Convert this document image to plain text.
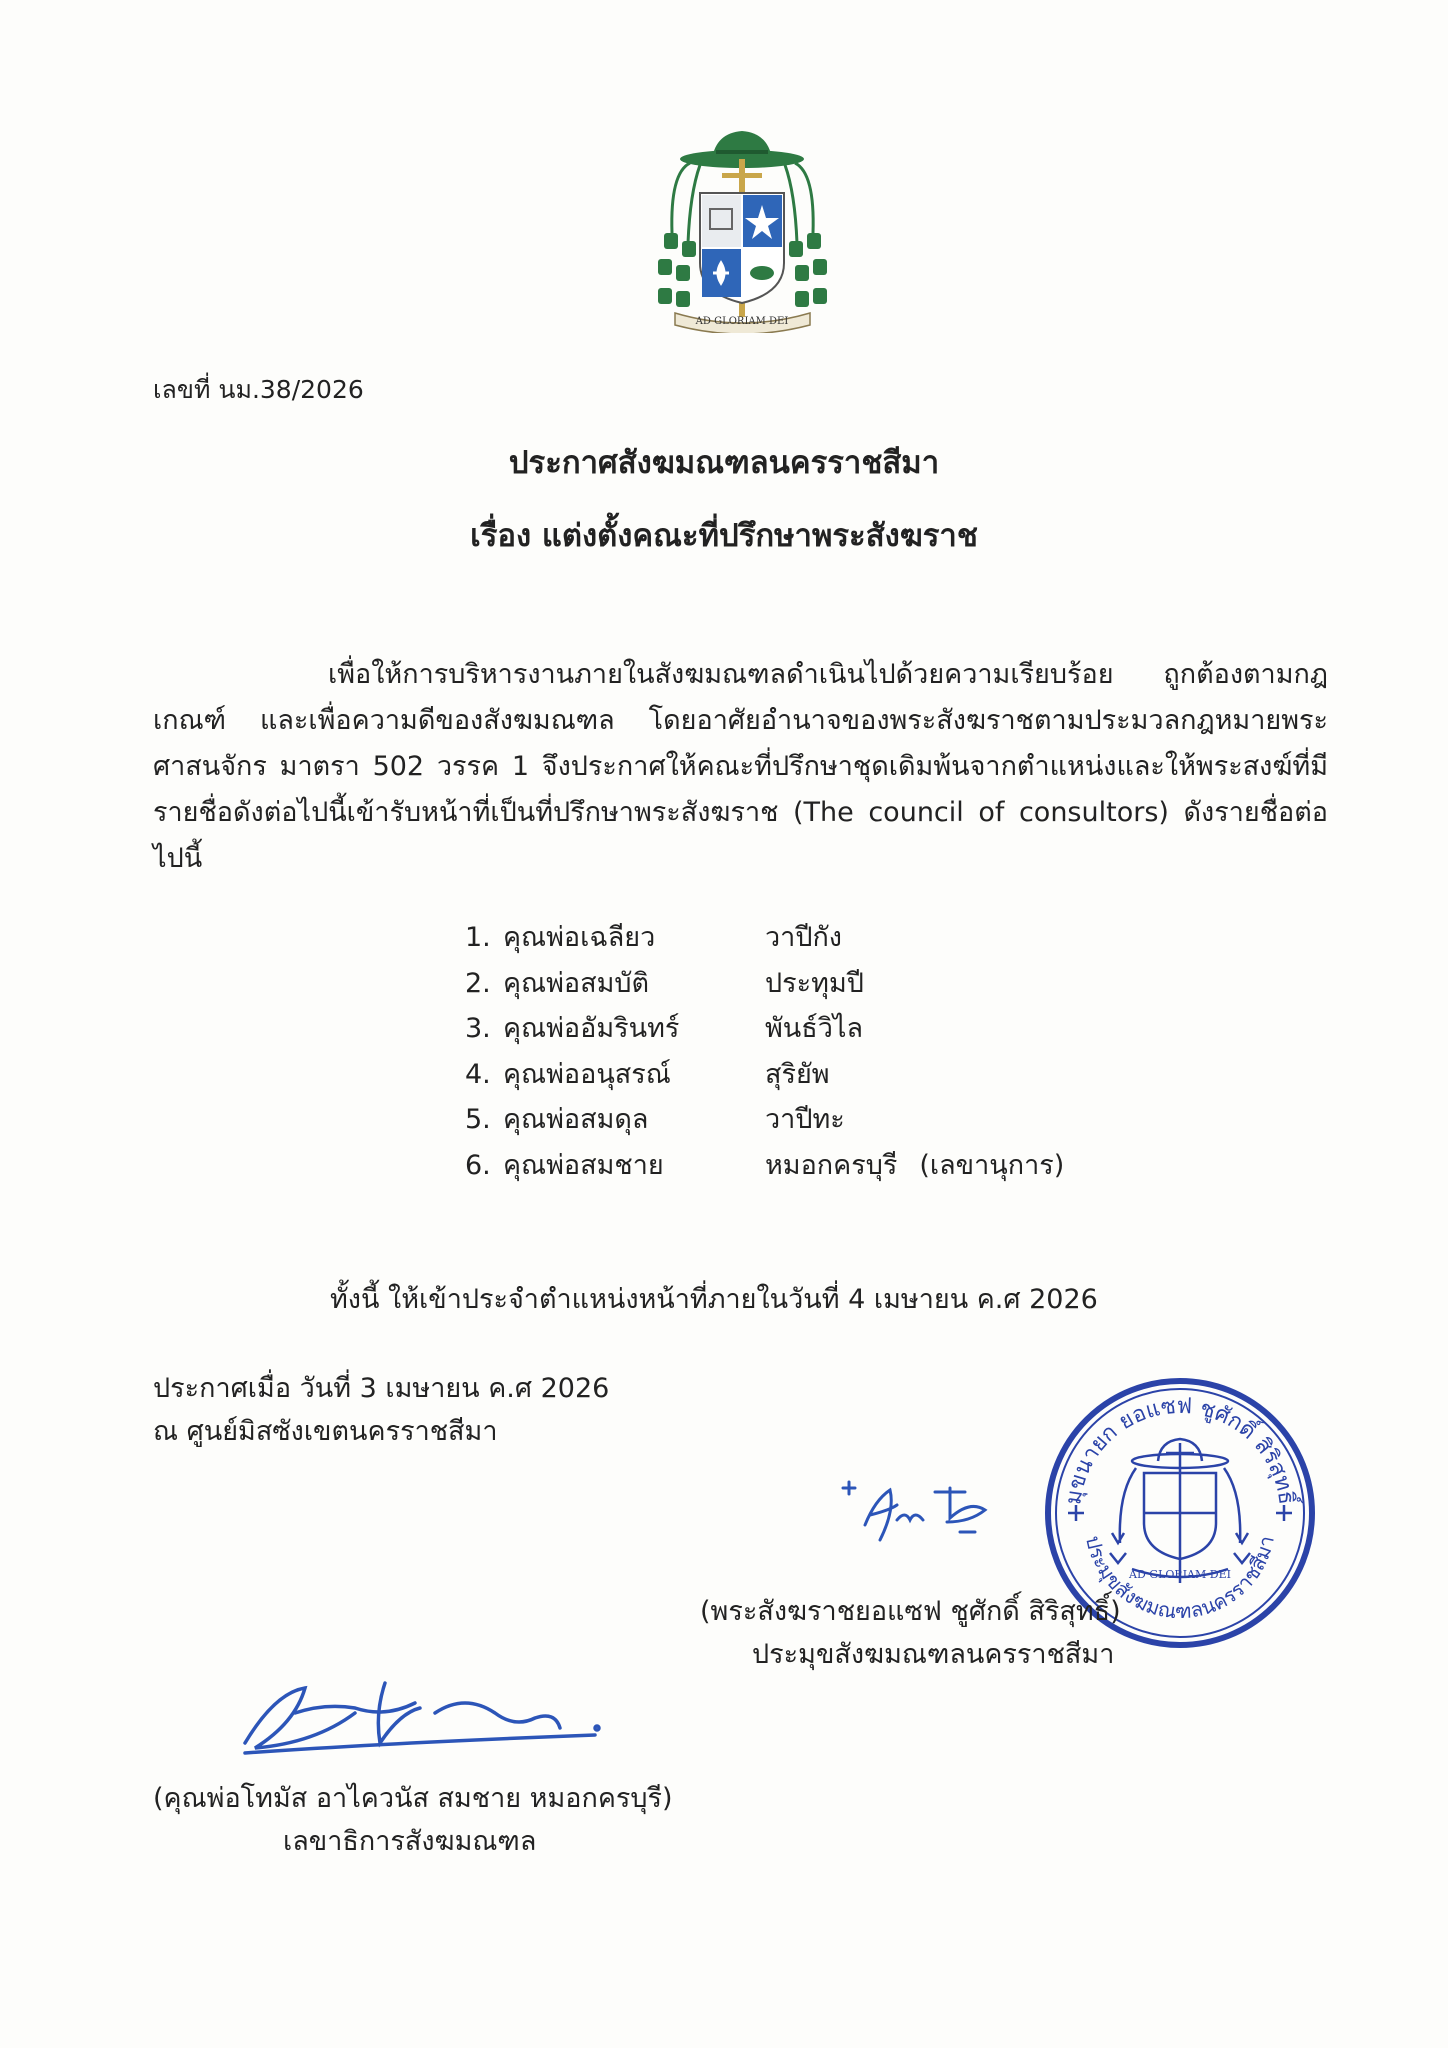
AD GLORIAM DEI
เลขที่ นม.38/2026
ประกาศสังฆมณฑลนครราชสีมา
เรื่อง แต่งตั้งคณะที่ปรึกษาพระสังฆราช
เพื่อให้การบริหารงานภายในสังฆมณฑลดำเนินไปด้วยความเรียบร้อย ถูกต้องตามกฎเกณฑ์ และเพื่อความดีของสังฆมณฑล โดยอาศัยอำนาจของพระสังฆราชตามประมวลกฎหมายพระศาสนจักร มาตรา 502 วรรค 1 จึงประกาศให้คณะที่ปรึกษาชุดเดิมพ้นจากตำแหน่งและให้พระสงฆ์ที่มีรายชื่อดังต่อไปนี้เข้ารับหน้าที่เป็นที่ปรึกษาพระสังฆราช (The council of consultors) ดังรายชื่อต่อไปนี้
1. คุณพ่อเฉลียว	วาปีกัง
2. คุณพ่อสมบัติ	ประทุมปี
3. คุณพ่ออัมรินทร์	พันธ์วิไล
4. คุณพ่ออนุสรณ์	สุริยัพ
5. คุณพ่อสมดุล	วาปีทะ
6. คุณพ่อสมชาย	หมอกครบุรี (เลขานุการ)
ทั้งนี้ ให้เข้าประจำตำแหน่งหน้าที่ภายในวันที่ 4 เมษายน ค.ศ 2026
ประกาศเมื่อ วันที่ 3 เมษายน ค.ศ 2026
ณ ศูนย์มิสซังเขตนครราชสีมา
มุขนายก ยอแซฟ ชูศักดิ์ สิริสุทธิ์
ประมุขสังฆมณฑลนครราชสีมา
AD GLORIAM DEI
(พระสังฆราชยอแซฟ ชูศักดิ์ สิริสุทธิ์)
ประมุขสังฆมณฑลนครราชสีมา
(คุณพ่อโทมัส อาไควนัส สมชาย หมอกครบุรี)
เลขาธิการสังฆมณฑล
